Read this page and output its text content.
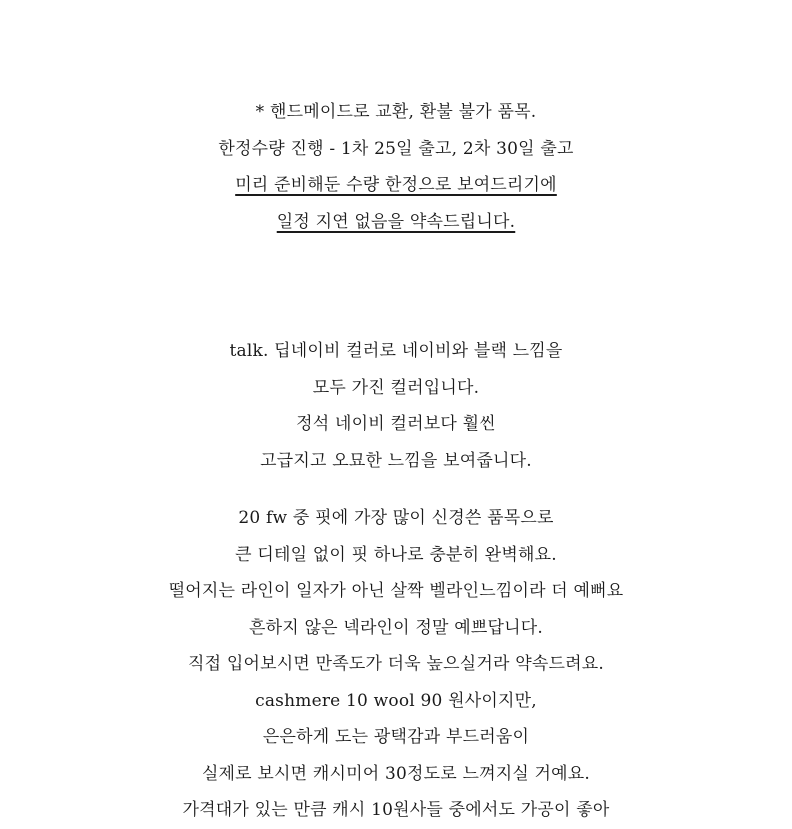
* 핸드메이드로 교환, 환불 불가 품목.
한정수량 진행 - 1차 25일 출고, 2차 30일 출고
미리 준비해둔 수량 한정으로 보여드리기에
일정 지연 없음을 약속드립니다.
talk. 딥네이비 컬러로 네이비와 블랙 느낌을
모두 가진 컬러입니다.
정석 네이비 컬러보다 훨씬
고급지고 오묘한 느낌을 보여줍니다.
20 fw 중 핏에 가장 많이 신경쓴 품목으로
큰 디테일 없이 핏 하나로 충분히 완벽해요.
떨어지는 라인이 일자가 아닌 살짝 벨라인느낌이라 더 예뻐요
흔하지 않은 넥라인이 정말 예쁘답니다.
직접 입어보시면 만족도가 더욱 높으실거라 약속드려요.
cashmere 10 wool 90 원사이지만,
은은하게 도는 광택감과 부드러움이
실제로 보시면 캐시미어 30정도로 느껴지실 거예요.
가격대가 있는 만큼 캐시 10원사들 중에서도 가공이 좋아
